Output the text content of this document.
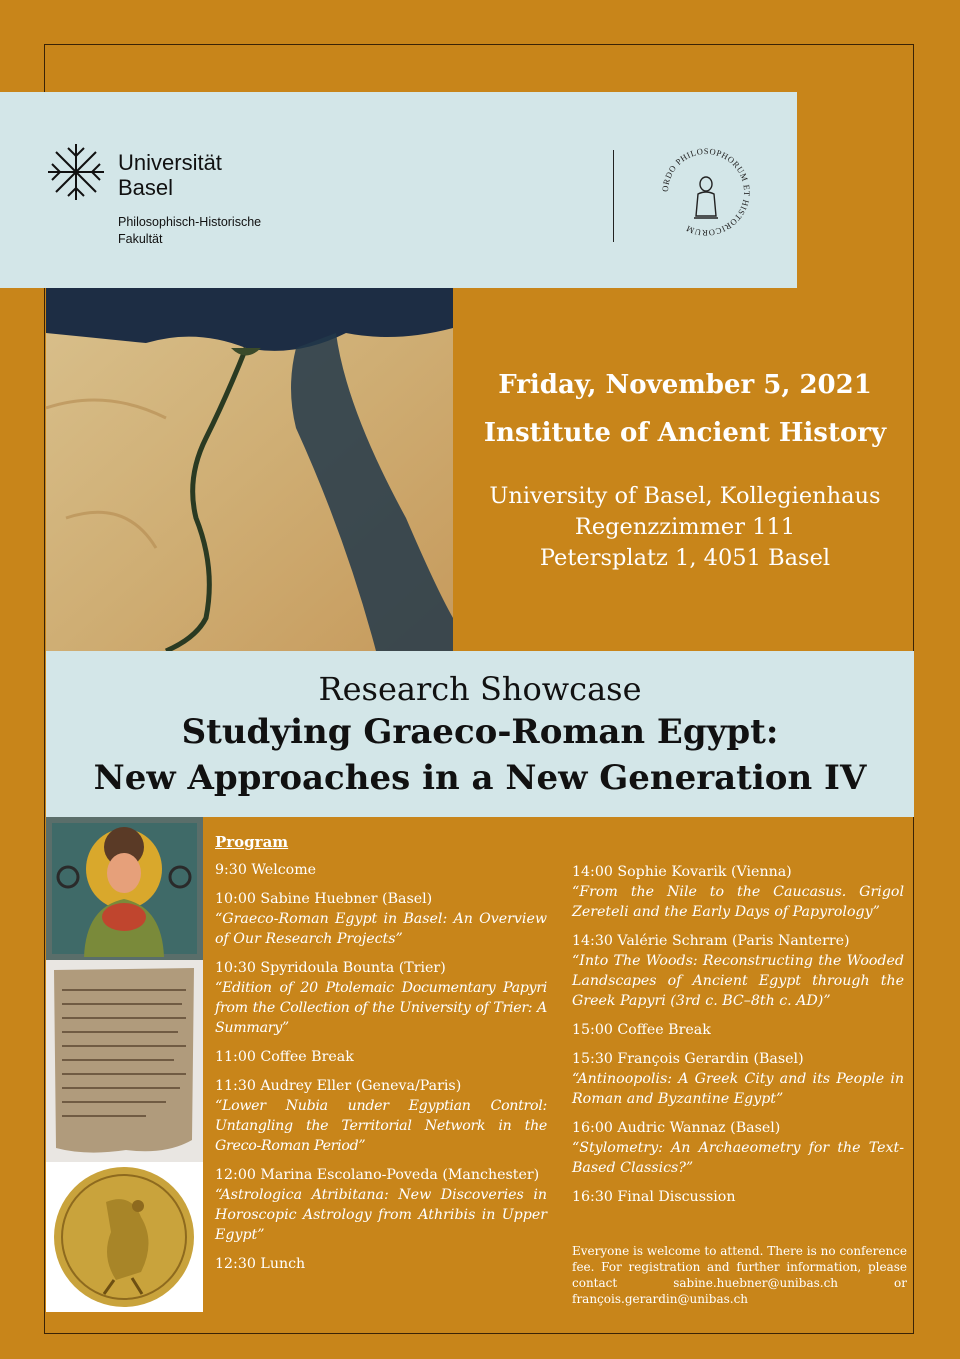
Universität
Basel
Philosophisch-Historische
Fakultät
ORDO PHILOSOPHORUM ET HISTORICORUM

Friday, November 5, 2021

Institute of Ancient History

University of Basel, Kollegienhaus
Regenzzimmer 111
Petersplatz 1, 4051 Basel
Research Showcase
Studying Graeco-Roman Egypt:
New Approaches in a New Generation IV
Program
9:30 Welcome
10:00 Sabine Huebner (Basel)
“Graeco-Roman Egypt in Basel: An Overview of Our Research Projects”
10:30 Spyridoula Bounta (Trier)
“Edition of 20 Ptolemaic Documentary Papyri from the Collection of the University of Trier: A Summary”
11:00 Coffee Break
11:30 Audrey Eller (Geneva/Paris)
“Lower Nubia under Egyptian Control: Untangling the Territorial Network in the Greco-Roman Period”
12:00 Marina Escolano-Poveda (Manchester)
“Astrologica Atribitana: New Discoveries in Horoscopic Astrology from Athribis in Upper Egypt”
12:30 Lunch
14:00 Sophie Kovarik (Vienna)
“From the Nile to the Caucasus. Grigol Zereteli and the Early Days of Papyrology”
14:30 Valérie Schram (Paris Nanterre)
“Into The Woods: Reconstructing the Wooded Landscapes of Ancient Egypt through the Greek Papyri (3rd c. BC–8th c. AD)”
15:00 Coffee Break
15:30 François Gerardin (Basel)
“Antinoopolis: A Greek City and its People in Roman and Byzantine Egypt”
16:00 Audric Wannaz (Basel)
“Stylometry: An Archaeometry for the Text-Based Classics?”
16:30 Final Discussion
Everyone is welcome to attend. There is no conference fee. For registration and further information, please contact sabine.huebner@unibas.ch or françois.gerardin@unibas.ch
